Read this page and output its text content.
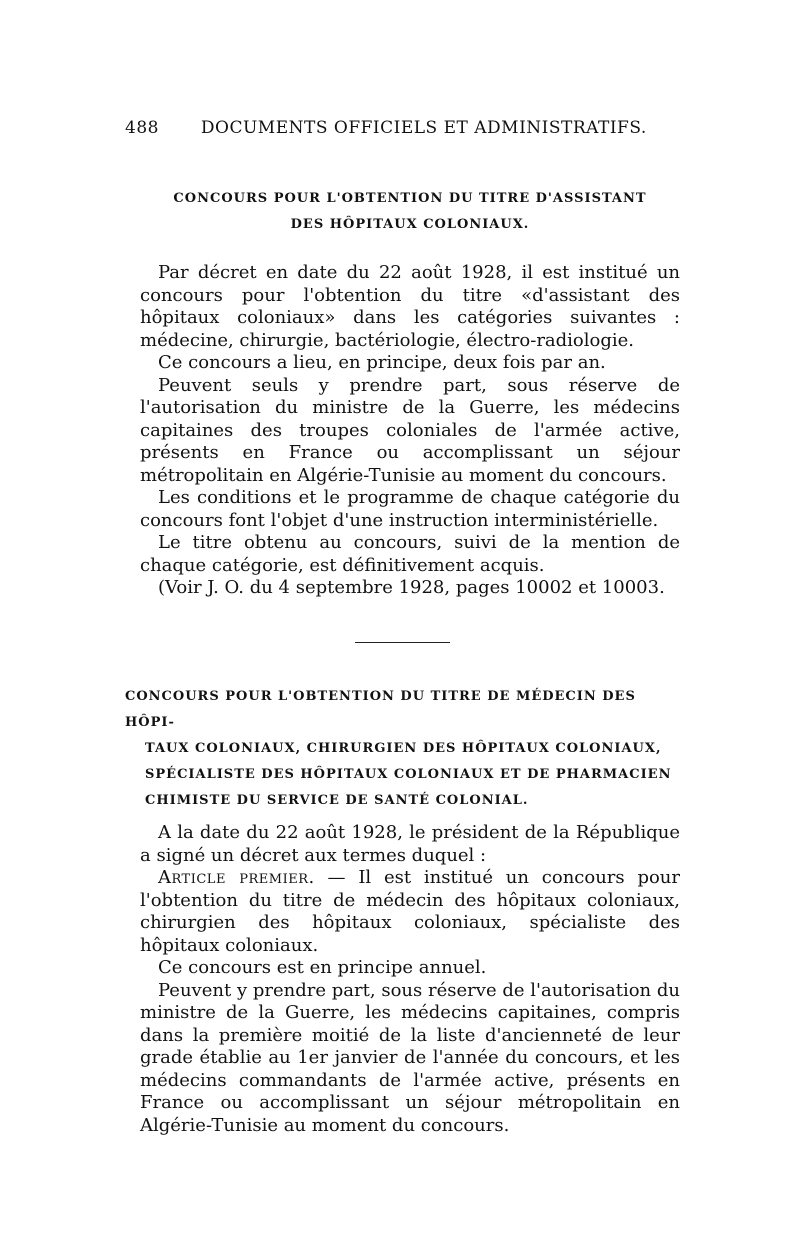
488 DOCUMENTS OFFICIELS ET ADMINISTRATIFS.
CONCOURS POUR L'OBTENTION DU TITRE D'ASSISTANT
DES HÔPITAUX COLONIAUX.

Par décret en date du 22 août 1928, il est institué un concours pour l'obtention du titre «d'assistant des hôpitaux coloniaux» dans les catégories suivantes : médecine, chirurgie, bactériologie, électro-radiologie.

Ce concours a lieu, en principe, deux fois par an.

Peuvent seuls y prendre part, sous réserve de l'autorisation du ministre de la Guerre, les médecins capitaines des troupes coloniales de l'armée active, présents en France ou accomplissant un séjour métropolitain en Algérie-Tunisie au moment du concours.

Les conditions et le programme de chaque catégorie du concours font l'objet d'une instruction interministérielle.

Le titre obtenu au concours, suivi de la mention de chaque catégorie, est définitivement acquis.

(Voir J. O. du 4 septembre 1928, pages 10002 et 10003.

CONCOURS POUR L'OBTENTION DU TITRE DE MÉDECIN DES HÔPI-
TAUX COLONIAUX, CHIRURGIEN DES HÔPITAUX COLONIAUX,
SPÉCIALISTE DES HÔPITAUX COLONIAUX ET DE PHARMACIEN
CHIMISTE DU SERVICE DE SANTÉ COLONIAL.

A la date du 22 août 1928, le président de la République a signé un décret aux termes duquel :

Article premier. — Il est institué un concours pour l'obtention du titre de médecin des hôpitaux coloniaux, chirurgien des hôpitaux coloniaux, spécialiste des hôpitaux coloniaux.

Ce concours est en principe annuel.

Peuvent y prendre part, sous réserve de l'autorisation du ministre de la Guerre, les médecins capitaines, compris dans la première moitié de la liste d'ancienneté de leur grade établie au 1er janvier de l'année du concours, et les médecins commandants de l'armée active, présents en France ou accomplissant un séjour métropolitain en Algérie-Tunisie au moment du concours.
